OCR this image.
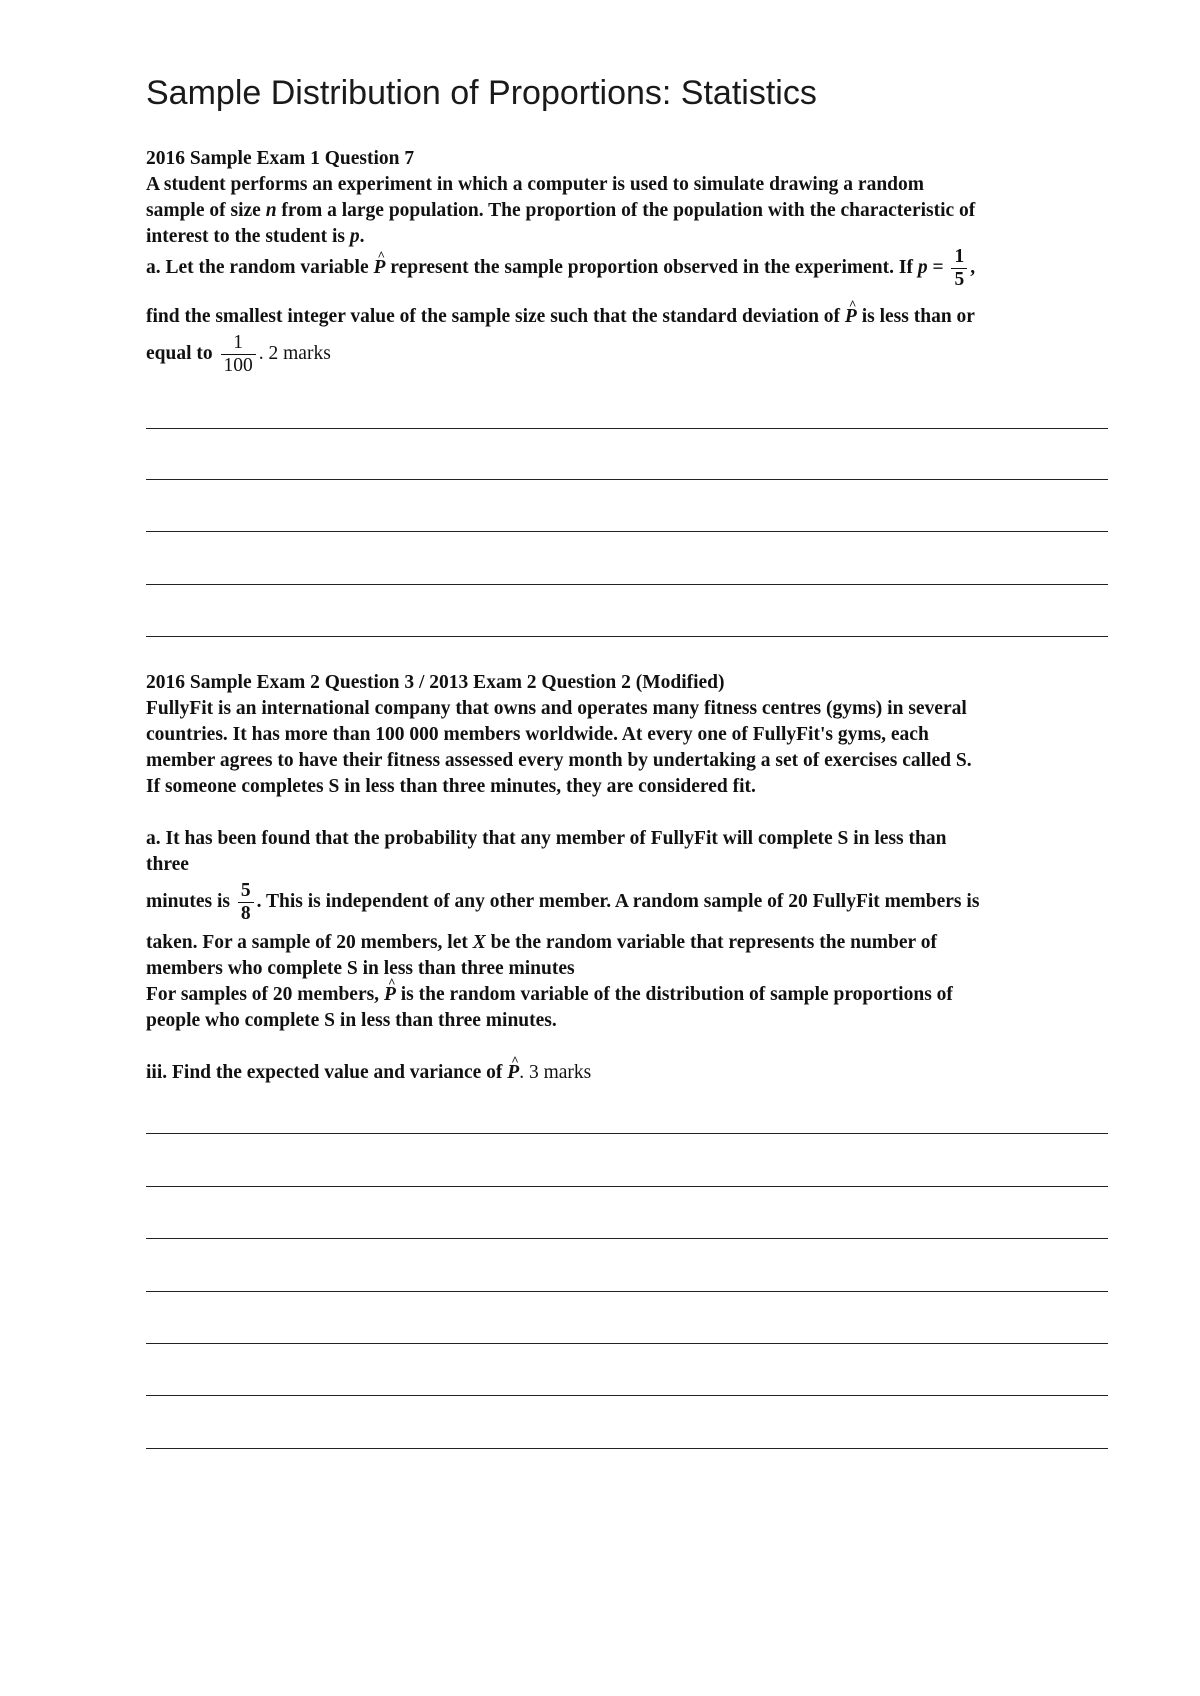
Sample Distribution of Proportions: Statistics
2016 Sample Exam 1 Question 7
A student performs an experiment in which a computer is used to simulate drawing a random
sample of size n from a large population. The proportion of the population with the characteristic of
interest to the student is p.
a. Let the random variable ^ P represent the sample proportion observed in the experiment. If $p = \frac{1}{5}$ ,
find the smallest integer value of the sample size such that the standard deviation of ^ P is less than or
equal to $\frac{1}{100}$ . 2 marks
2016 Sample Exam 2 Question 3 / 2013 Exam 2 Question 2 (Modified)
FullyFit is an international company that owns and operates many fitness centres (gyms) in several
countries. It has more than 100 000 members worldwide. At every one of FullyFit's gyms, each
member agrees to have their fitness assessed every month by undertaking a set of exercises called S.
If someone completes S in less than three minutes, they are considered fit.
a. It has been found that the probability that any member of FullyFit will complete S in less than
three
minutes is $\frac{5}{8}$ . This is independent of any other member. A random sample of 20 FullyFit members is
taken. For a sample of 20 members, let X be the random variable that represents the number of
members who complete S in less than three minutes
For samples of 20 members, ^ P is the random variable of the distribution of sample proportions of
people who complete S in less than three minutes.
iii. Find the expected value and variance of ^ P. 3 marks
